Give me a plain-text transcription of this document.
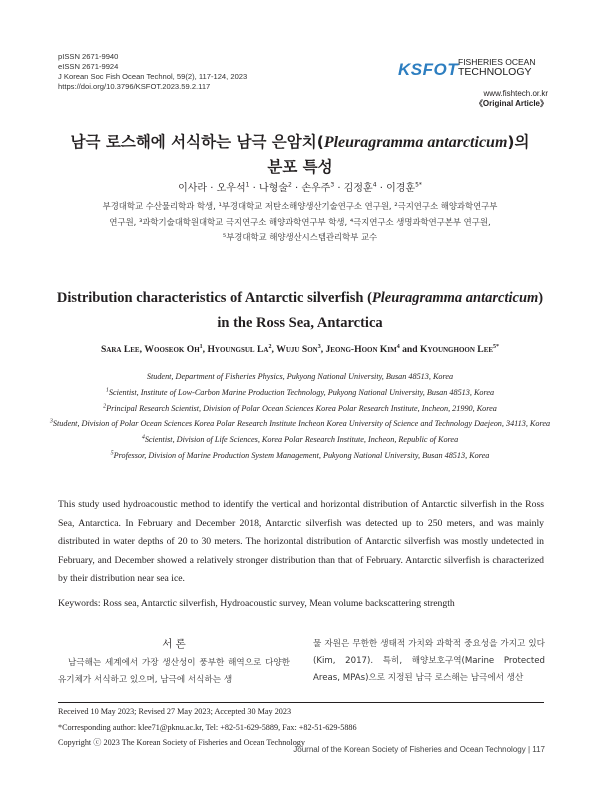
pISSN 2671-9940
eISSN 2671-9924
J Korean Soc Fish Ocean Technol, 59(2), 117-124, 2023
https://doi.org/10.3796/KSFOT.2023.59.2.117
KSFOT FISHERIES OCEAN
TECHNOLOGY
www.fishtech.or.kr
《Original Article》
남극 로스해에 서식하는 남극 은암치(Pleuragramma antarcticum)의
분포 특성
이사라 · 오우석$^1$ · 나형술$^2$ · 손우주$^3$ · 김정훈$^4$ · 이경훈$^{5*}$
부경대학교 수산물리학과 학생, ¹부경대학교 저탄소해양생산기술연구소 연구원, ²극지연구소 해양과학연구부
연구원, ³과학기술대학원대학교 극지연구소 해양과학연구부 학생, ⁴극지연구소 생명과학연구본부 연구원,
⁵부경대학교 해양생산시스템관리학부 교수
Distribution characteristics of Antarctic silverfish (Pleuragramma antarcticum)
in the Ross Sea, Antarctica
Sara Lee, Wooseok Oh$^1$, Hyoungsul La$^2$, Wuju Son$^3$, Jeong-Hoon Kim$^4$ and Kyounghoon Lee$^{5*}$
Student, Department of Fisheries Physics, Pukyong National University, Busan 48513, Korea
$^1$Scientist, Institute of Low-Carbon Marine Production Technology, Pukyong National University, Busan 48513, Korea
$^2$Principal Research Scientist, Division of Polar Ocean Sciences Korea Polar Research Institute, Incheon, 21990, Korea
$^3$Student, Division of Polar Ocean Sciences Korea Polar Research Institute Incheon Korea University of Science and Technology Daejeon, 34113, Korea
$^4$Scientist, Division of Life Sciences, Korea Polar Research Institute, Incheon, Republic of Korea
$^5$Professor, Division of Marine Production System Management, Pukyong National University, Busan 48513, Korea
This study used hydroacoustic method to identify the vertical and horizontal distribution of Antarctic silverfish in the Ross Sea, Antarctica. In February and December 2018, Antarctic silverfish was detected up to 250 meters, and was mainly distributed in water depths of 20 to 30 meters. The horizontal distribution of Antarctic silverfish was mostly undetected in February, and December showed a relatively stronger distribution than that of February. Antarctic silverfish is characterized by their distribution near sea ice.
Keywords: Ross sea, Antarctic silverfish, Hydroacoustic survey, Mean volume backscattering strength
서 론
남극해는 세계에서 가장 생산성이 풍부한 해역으로 다양한 유기체가 서식하고 있으며, 남극에 서식하는 생
물 자원은 무한한 생태적 가치와 과학적 중요성을 가지고 있다(Kim, 2017). 특히, 해양보호구역(Marine Protected Areas, MPAs)으로 지정된 남극 로스해는 남극에서 생산
Received 10 May 2023; Revised 27 May 2023; Accepted 30 May 2023
*Corresponding author: klee71@pknu.ac.kr, Tel: +82-51-629-5889, Fax: +82-51-629-5886
Copyright ⓒ 2023 The Korean Society of Fisheries and Ocean Technology
Journal of the Korean Society of Fisheries and Ocean Technology | 117
